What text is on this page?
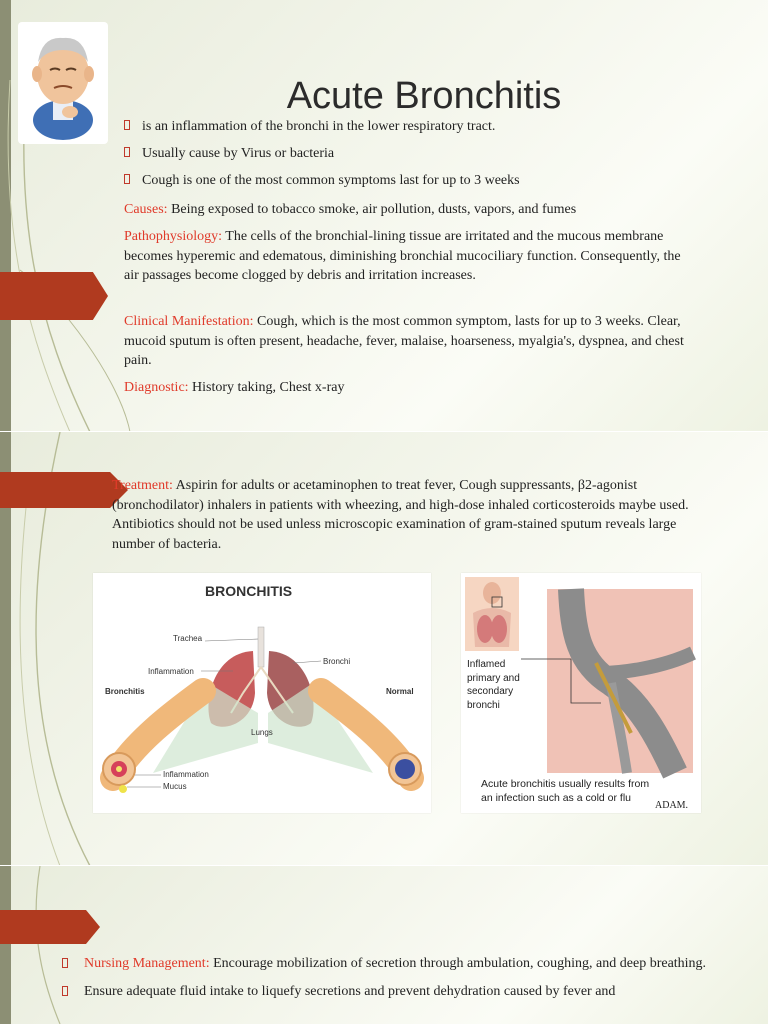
Acute Bronchitis
is an inflammation of the bronchi in the lower respiratory tract.
Usually cause by Virus or bacteria
Cough is one of the most common symptoms last for up to 3 weeks

Causes: Being exposed to tobacco smoke, air pollution, dusts, vapors, and fumes

Pathophysiology: The cells of the bronchial-lining tissue are irritated and the mucous membrane becomes hyperemic and edematous, diminishing bronchial mucociliary function. Consequently, the air passages become clogged by debris and irritation increases.

Clinical Manifestation: Cough, which is the most common symptom, lasts for up to 3 weeks. Clear, mucoid sputum is often present, headache, fever, malaise, hoarseness, myalgia's, dyspnea, and chest pain.

Diagnostic: History taking, Chest x-ray

Treatment: Aspirin for adults or acetaminophen to treat fever, Cough suppressants, β2-agonist (bronchodilator) inhalers in patients with wheezing, and high-dose inhaled corticosteroids maybe used. Antibiotics should not be used unless microscopic examination of gram-stained sputum reveals large number of bacteria.

BRONCHITIS
Trachea
Inflammation
Bronchi
Bronchitis	Normal
Lungs
Inflammation
Mucus
Inflamed
primary and
secondary
bronchi
Acute bronchitis usually results from
an infection such as a cold or flu
ADAM.
Nursing Management: Encourage mobilization of secretion through ambulation, coughing, and deep breathing.
Ensure adequate fluid intake to liquefy secretions and prevent dehydration caused by fever and
